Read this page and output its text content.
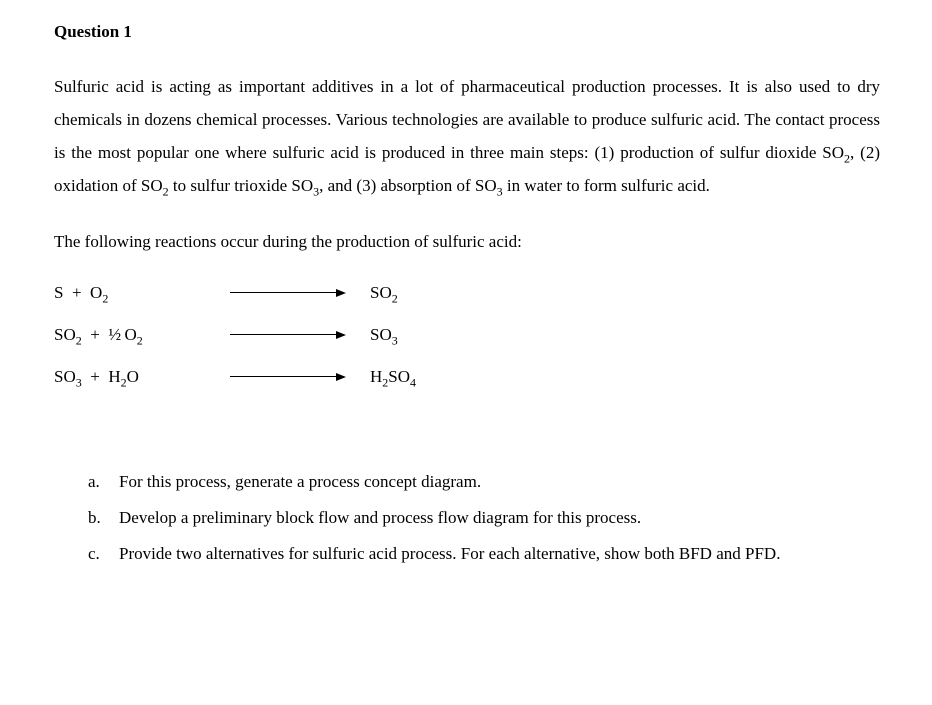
Question 1

Sulfuric acid is acting as important additives in a lot of pharmaceutical production processes. It is also used to dry chemicals in dozens chemical processes. Various technologies are available to produce sulfuric acid. The contact process is the most popular one where sulfuric acid is produced in three main steps: (1) production of sulfur dioxide $SO_2$, (2) oxidation of $SO_2$ to sulfur trioxide $SO_3$, and (3) absorption of $SO_3$ in water to form sulfuric acid.

The following reactions occur during the production of sulfuric acid:

$S + O_2$	$SO_2$
$SO_2$  +  ½ $O_2$	$SO_3$
$SO_3 + H_2O$	$H_2SO_4$
a.	For this process, generate a process concept diagram.
b.	Develop a preliminary block flow and process flow diagram for this process.
c.	Provide two alternatives for sulfuric acid process. For each alternative, show both BFD and PFD.
